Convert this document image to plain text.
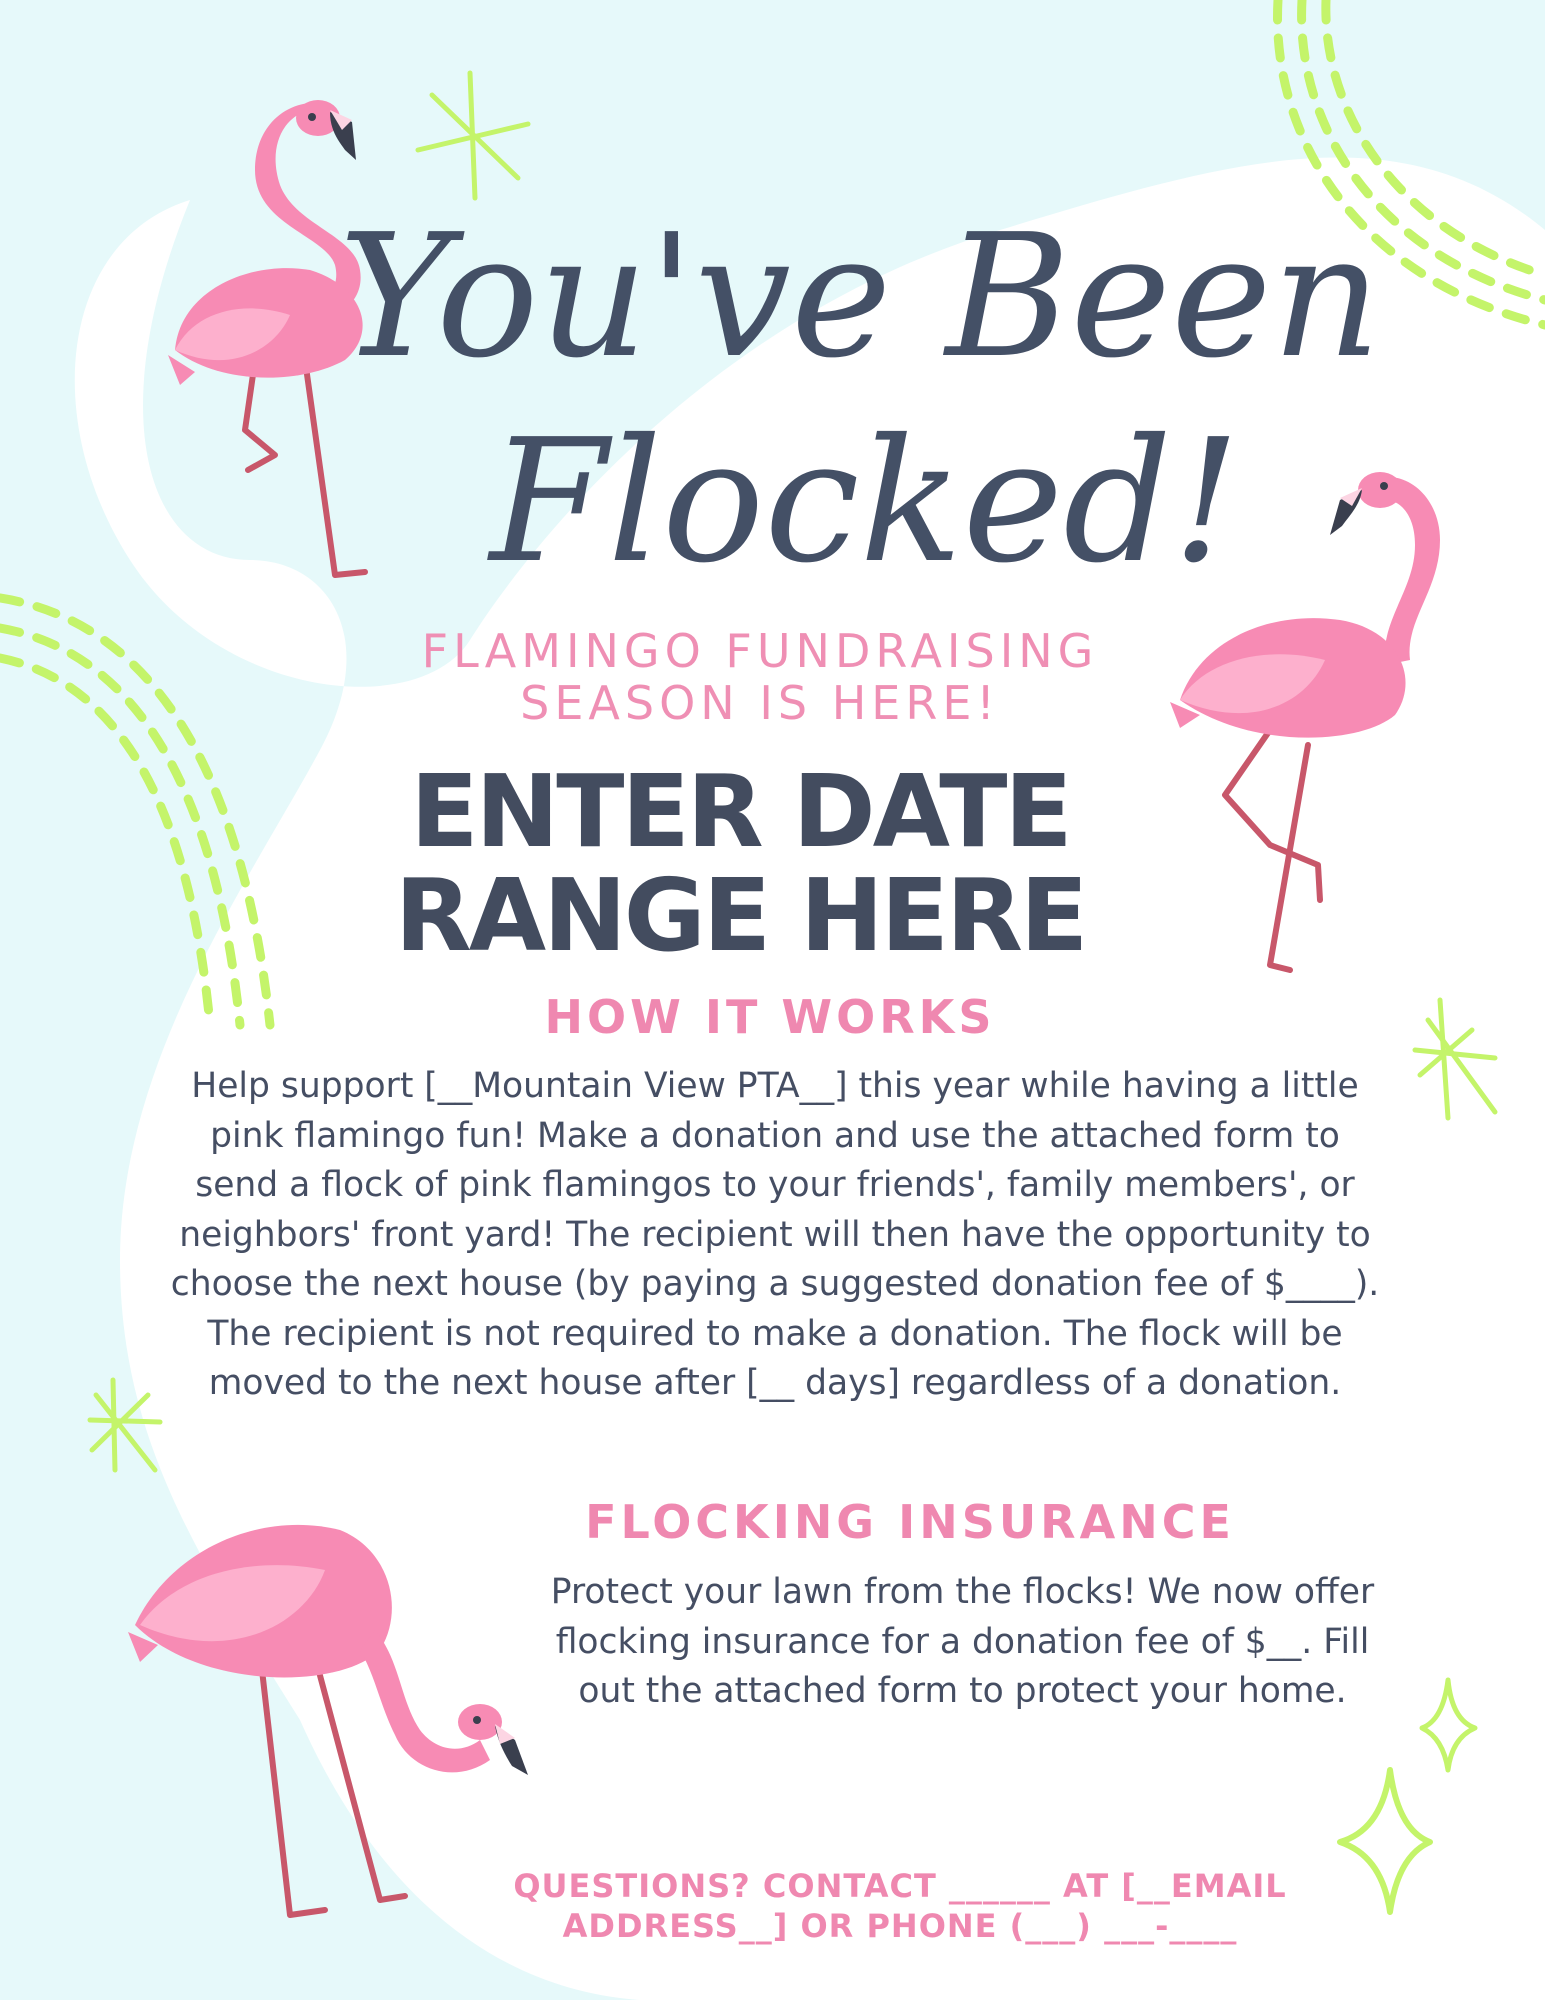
You've Been
Flocked!

FLAMINGO FUNDRAISING SEASON IS HERE!

ENTER DATE RANGE HERE

HOW IT WORKS

Help support [__Mountain View PTA__] this year while having a little pink flamingo fun! Make a donation and use the attached form to send a flock of pink flamingos to your friends', family members', or neighbors' front yard! The recipient will then have the opportunity to choose the next house (by paying a suggested donation fee of $____). The recipient is not required to make a donation. The flock will be moved to the next house after [__ days] regardless of a donation.

FLOCKING INSURANCE

Protect your lawn from the flocks! We now offer flocking insurance for a donation fee of $__. Fill out the attached form to protect your home.

QUESTIONS? CONTACT ______ AT [__EMAIL ADDRESS__] OR PHONE (___) ___-____
